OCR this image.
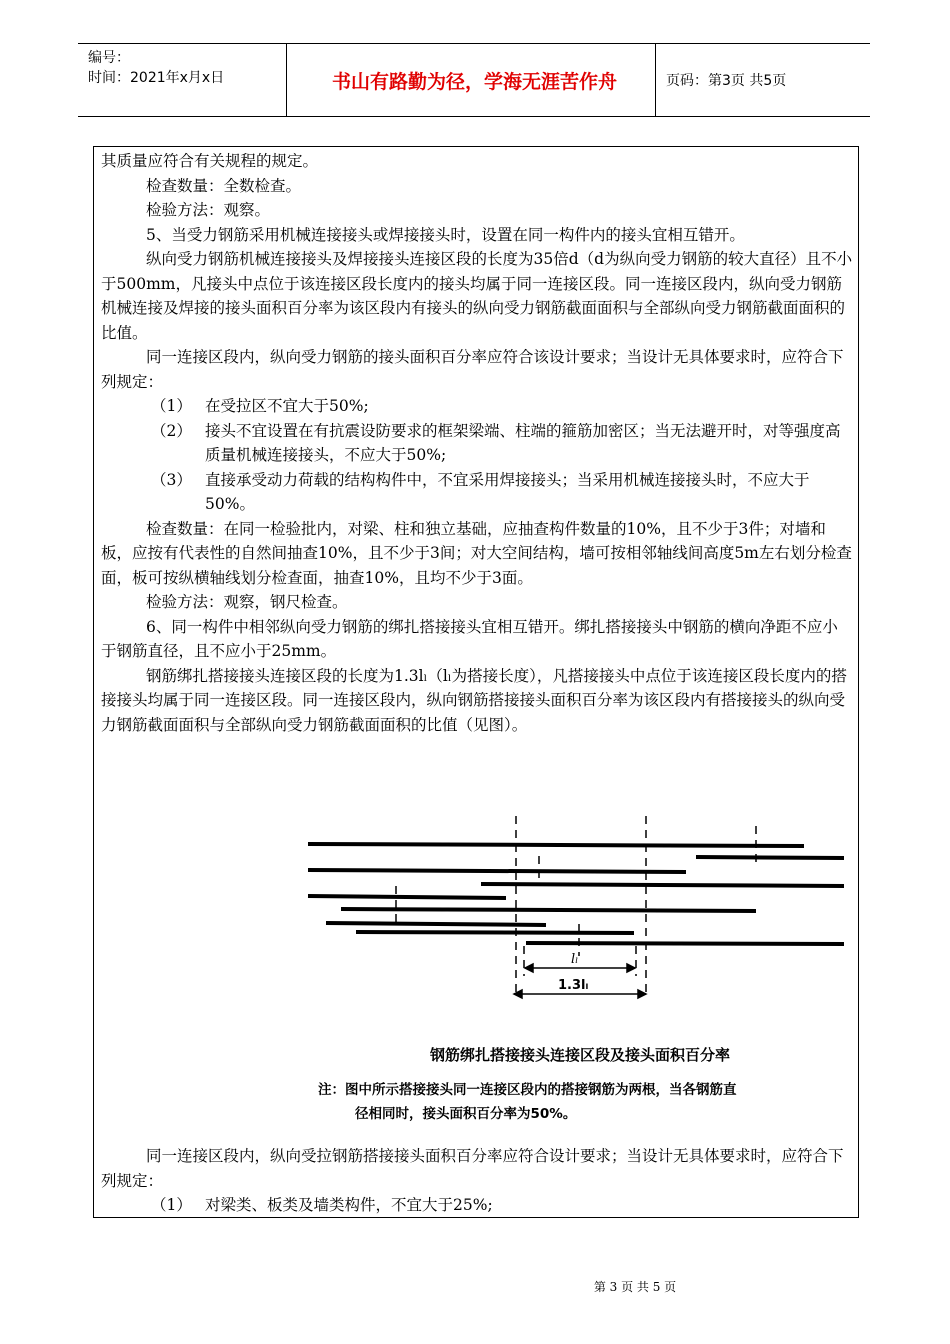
编号：
时间：2021年x月x日	书山有路勤为径，学海无涯苦作舟	页码：第3页 共5页

其质量应符合有关规程的规定。

检查数量：全数检查。

检验方法：观察。

5、当受力钢筋采用机械连接接头或焊接接头时，设置在同一构件内的接头宜相互错开。

纵向受力钢筋机械连接接头及焊接接头连接区段的长度为35倍d（d为纵向受力钢筋的较大直径）且不小于500mm，凡接头中点位于该连接区段长度内的接头均属于同一连接区段。同一连接区段内，纵向受力钢筋机械连接及焊接的接头面积百分率为该区段内有接头的纵向受力钢筋截面面积与全部纵向受力钢筋截面面积的比值。

同一连接区段内，纵向受力钢筋的接头面积百分率应符合该设计要求；当设计无具体要求时，应符合下列规定：

（1） 在受拉区不宜大于50%;
（2） 接头不宜设置在有抗震设防要求的框架梁端、柱端的箍筋加密区；当无法避开时，对等强度高质量机械连接接头，不应大于50%;
（3） 直接承受动力荷载的结构构件中，不宜采用焊接接头；当采用机械连接接头时，不应大于50%。

检查数量：在同一检验批内，对梁、柱和独立基础，应抽查构件数量的10%，且不少于3件；对墙和板，应按有代表性的自然间抽查10%，且不少于3间；对大空间结构，墙可按相邻轴线间高度5m左右划分检查面，板可按纵横轴线划分检查面，抽查10%，且均不少于3面。

检验方法：观察，钢尺检查。

6、同一构件中相邻纵向受力钢筋的绑扎搭接接头宜相互错开。绑扎搭接接头中钢筋的横向净距不应小于钢筋直径，且不应小于25mm。

钢筋绑扎搭接接头连接区段的长度为1.3lₗ（lₗ为搭接长度），凡搭接接头中点位于该连接区段长度内的搭接接头均属于同一连接区段。同一连接区段内，纵向钢筋搭接接头面积百分率为该区段内有搭接接头的纵向受力钢筋截面面积与全部纵向受力钢筋截面面积的比值（见图）。

lₗ
1.3lₗ
钢筋绑扎搭接接头连接区段及接头面积百分率
注：图中所示搭接接头同一连接区段内的搭接钢筋为两根，当各钢筋直
径相同时，接头面积百分率为50%。

同一连接区段内，纵向受拉钢筋搭接接头面积百分率应符合设计要求；当设计无具体要求时，应符合下列规定：

（1） 对梁类、板类及墙类构件，不宜大于25%;
第 3 页 共 5 页
